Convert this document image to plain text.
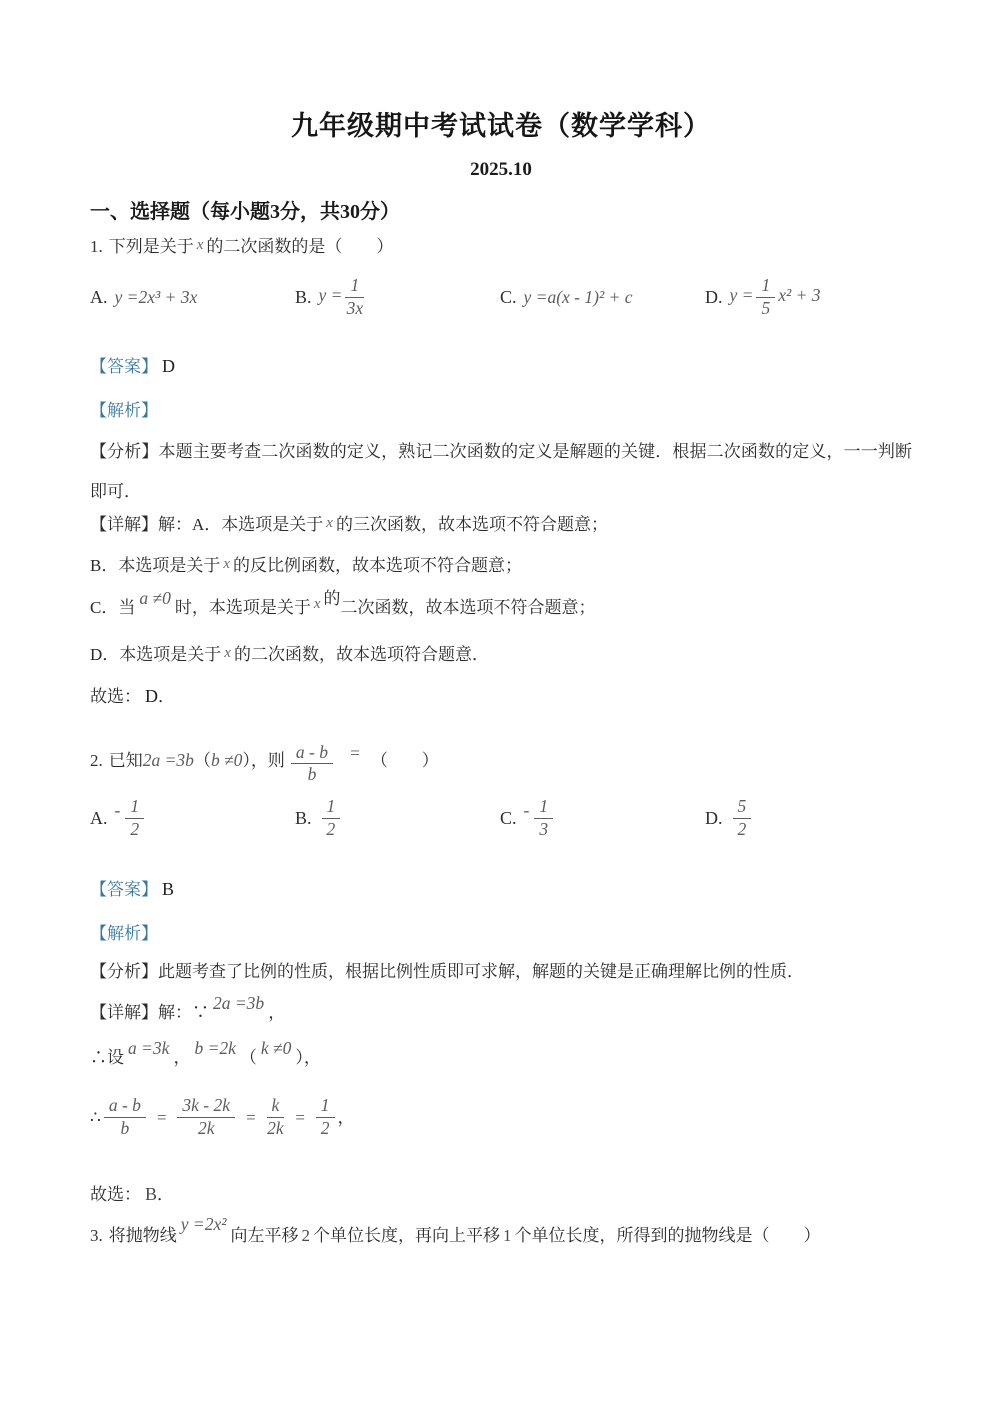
九年级期中考试试卷（数学学科）
2025.10
一、选择题（每小题3分，共30分）

1. 下列是关于 x 的二次函数的是（　　）

A. y =2x³ + 3x	B. $y = \frac{1}{3x}$	C. y =a(x - 1)² + c	D. $y = \frac{1}{5} x^2 + 3$

【答案】 D

【解析】

【分析】本题主要考查二次函数的定义，熟记二次函数的定义是解题的关键．根据二次函数的定义，一一判断即可．

【详解】解：A．本选项是关于 x 的三次函数，故本选项不符合题意；

B．本选项是关于 x 的反比例函数，故本选项不符合题意；

C．当 a ≠0 时，本选项是关于 x 的二次函数，故本选项不符合题意；

D．本选项是关于 x 的二次函数，故本选项符合题意．

故选： D．

2. 已知2a =3b（b ≠0），则 $\frac{a - b}{b}$ = （　　）
A. - $\frac{1}{2}$	B. $\frac{1}{2}$	C. - $\frac{1}{3}$	D. $\frac{5}{2}$

【答案】 B

【解析】

【分析】此题考查了比例的性质，根据比例性质即可求解，解题的关键是正确理解比例的性质．

【详解】解：∵ 2a =3b ，

∴设 a =3k ， b =2k （ k ≠0 ），

∴ $\frac{a - b}{b} = \frac{3k - 2k}{2k} = \frac{k}{2k} = \frac{1}{2}$ ，

故选： B．

3. 将抛物线y =2x²向左平移 2 个单位长度，再向上平移 1 个单位长度，所得到的抛物线是（　　）
